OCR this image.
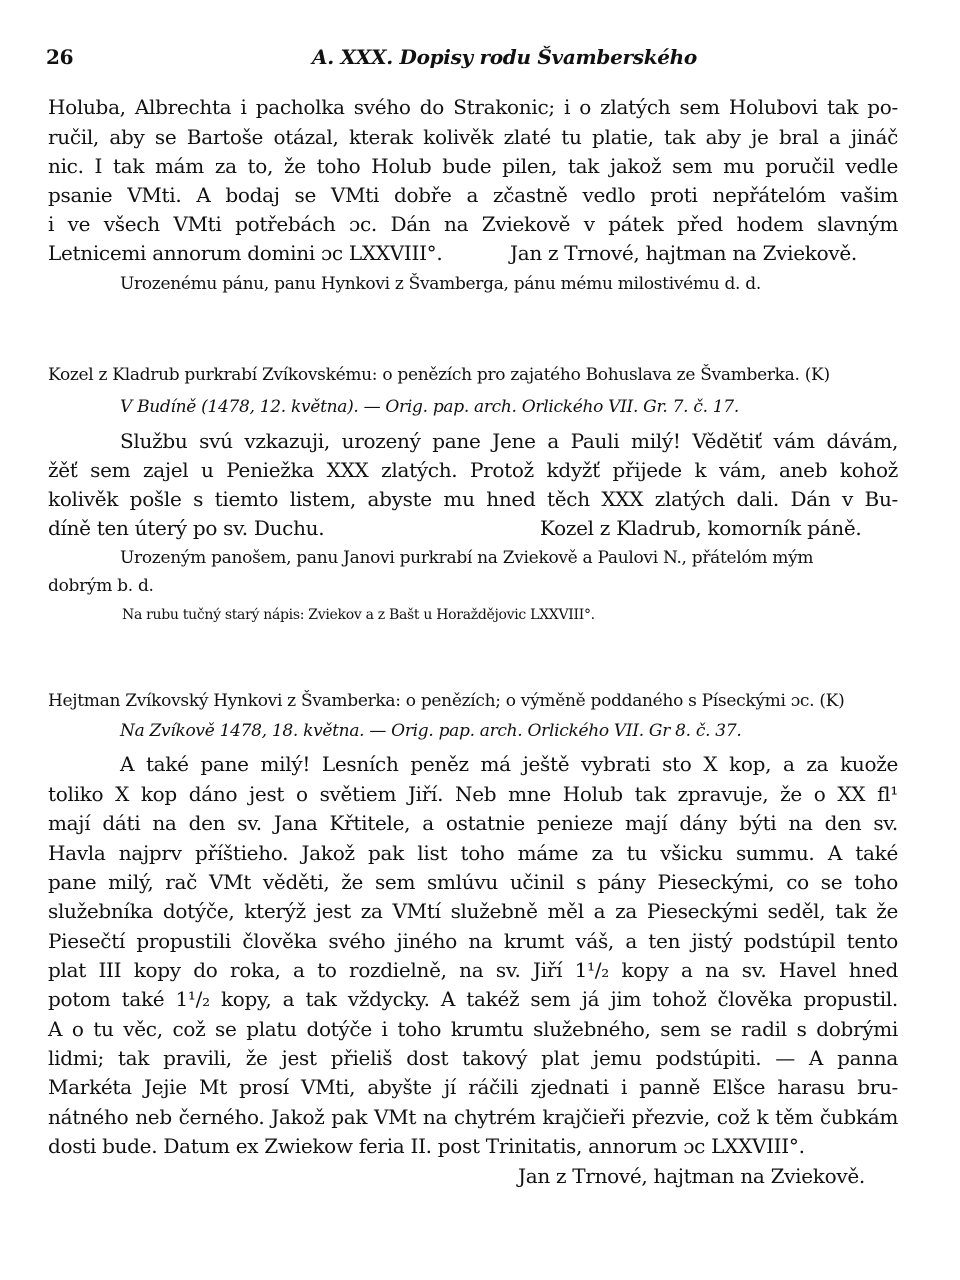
26	A. XXX. Dopisy rodu Švamberského
Holuba, Albrechta i pacholka svého do Strakonic; i o zlatých sem Holubovi tak po-
ručil, aby se Bartoše otázal, kterak kolivěk zlaté tu platie, tak aby je bral a jináč
nic. I tak mám za to, že toho Holub bude pilen, tak jakož sem mu poručil vedle
psanie VMti. A bodaj se VMti dobře a zčastně vedlo proti nepřátelóm vašim
i ve všech VMti potřebách ɔc. Dán na Zviekově v pátek před hodem slavným
Letnicemi annorum domini ɔc LXXVIII°.	Jan z Trnové, hajtman na Zviekově.
Urozenému pánu, panu Hynkovi z Švamberga, pánu mému milostivému d. d.
Kozel z Kladrub purkrabí Zvíkovskému: o penězích pro zajatého Bohuslava ze Švamberka. (K)
V Budíně (1478, 12. května). — Orig. pap. arch. Orlického VII. Gr. 7. č. 17.
Službu svú vzkazuji, urozený pane Jene a Pauli milý! Vědětiť vám dávám,
žěť sem zajel u Peniežka XXX zlatých. Protož kdyžť přijede k vám, aneb kohož
kolivěk pošle s tiemto listem, abyste mu hned těch XXX zlatých dali. Dán v Bu-
díně ten úterý po sv. Duchu.	Kozel z Kladrub, komorník páně.
Urozeným panošem, panu Janovi purkrabí na Zviekově a Paulovi N., přátelóm mým
dobrým b. d.
Na rubu tučný starý nápis: Zviekov a z Bašt u Horaždějovic LXXVIII°.
Hejtman Zvíkovský Hynkovi z Švamberka: o penězích; o výměně poddaného s Píseckými ɔc. (K)
Na Zvíkově 1478, 18. května. — Orig. pap. arch. Orlického VII. Gr 8. č. 37.
A také pane milý! Lesních peněz má ještě vybrati sto X kop, a za kuože
toliko X kop dáno jest o světiem Jiří. Neb mne Holub tak zpravuje, že o XX fl¹
mají dáti na den sv. Jana Křtitele, a ostatnie penieze mají dány býti na den sv.
Havla najprv příštieho. Jakož pak list toho máme za tu všicku summu. A také
pane milý, rač VMt věděti, že sem smlúvu učinil s pány Pieseckými, co se toho
služebníka dotýče, kterýž jest za VMtí služebně měl a za Pieseckými seděl, tak že
Piesečtí propustili člověka svého jiného na krumt váš, a ten jistý podstúpil tento
plat III kopy do roka, a to rozdielně, na sv. Jiří 1¹/₂ kopy a na sv. Havel hned
potom také 1¹/₂ kopy, a tak vždycky. A takéž sem já jim tohož člověka propustil.
A o tu věc, což se platu dotýče i toho krumtu služebného, sem se radil s dobrými
lidmi; tak pravili, že jest přieliš dost takový plat jemu podstúpiti. — A panna
Markéta Jejie Mt prosí VMti, abyšte jí ráčili zjednati i panně Elšce harasu bru-
nátného neb černého. Jakož pak VMt na chytrém krajčieři přezvie, což k těm čubkám
dosti bude. Datum ex Zwiekow feria II. post Trinitatis, annorum ɔc LXXVIII°.
Jan z Trnové, hajtman na Zviekově.
